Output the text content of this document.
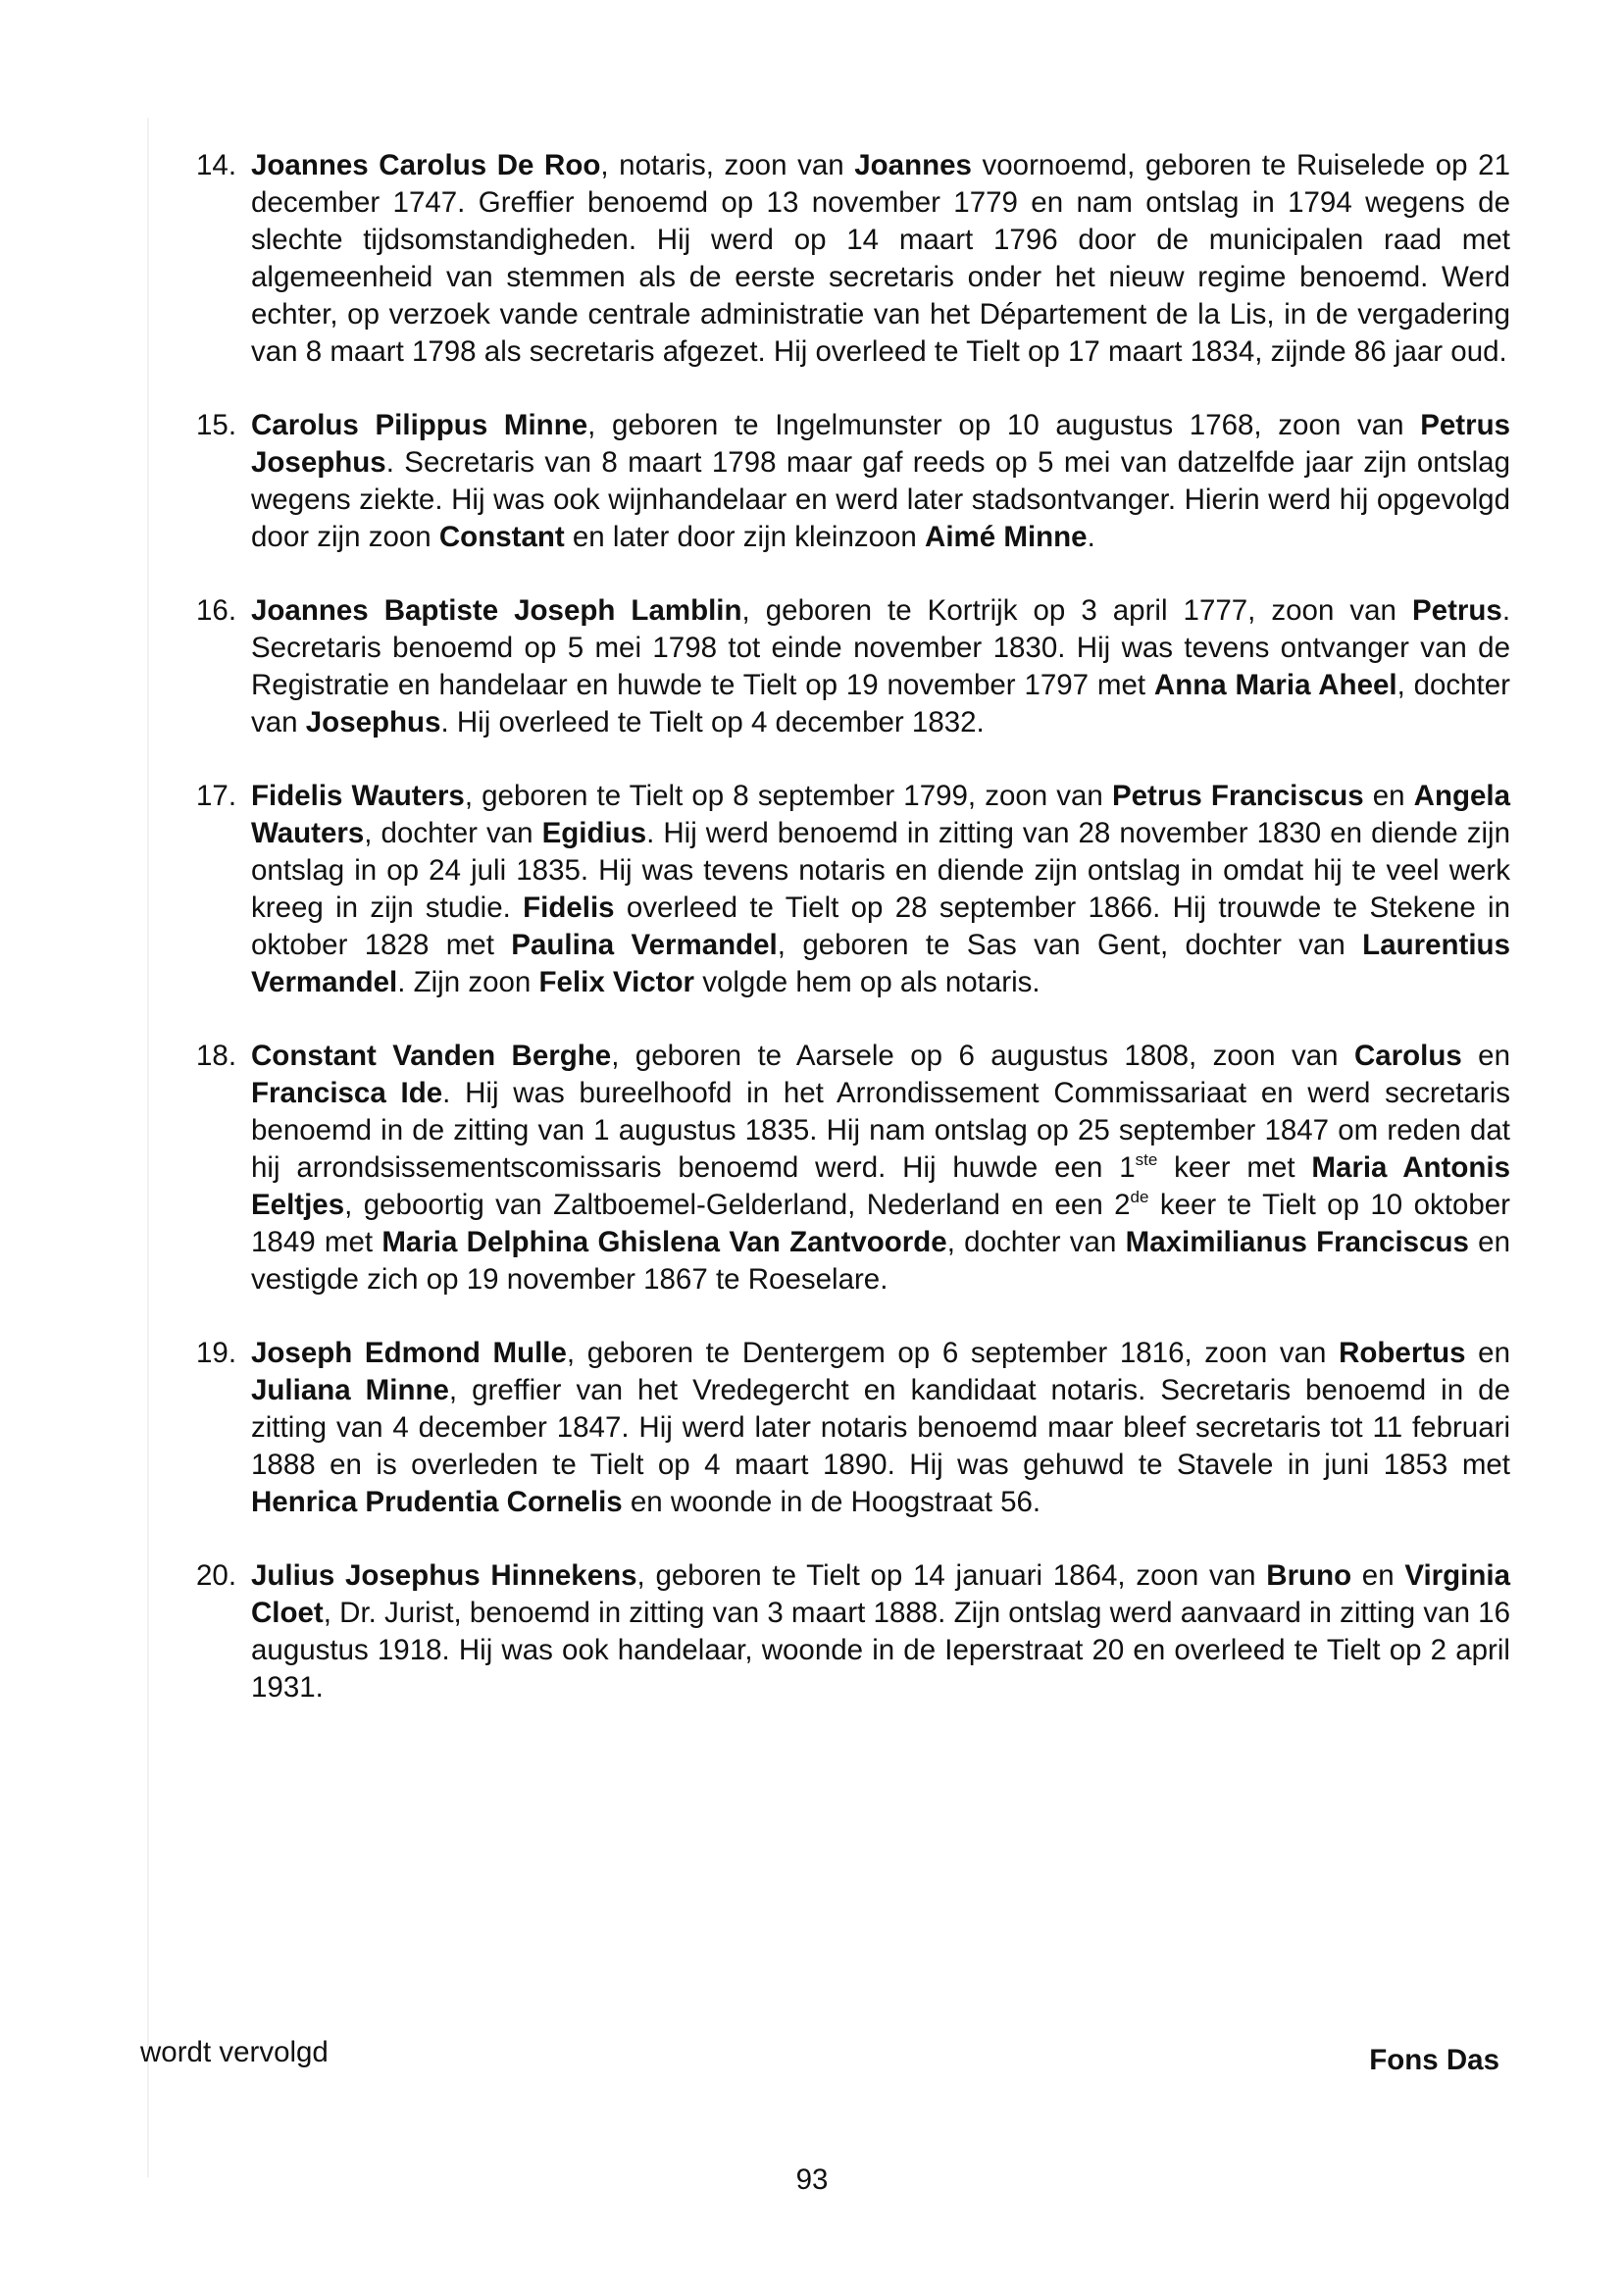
14. Joannes Carolus De Roo, notaris, zoon van Joannes voornoemd, geboren te Ruiselede op 21 december 1747. Greffier benoemd op 13 november 1779 en nam ontslag in 1794 wegens de slechte tijdsomstandigheden. Hij werd op 14 maart 1796 door de municipalen raad met algemeenheid van stemmen als de eerste secretaris onder het nieuw regime benoemd. Werd echter, op verzoek vande centrale administratie van het Département de la Lis, in de vergadering van 8 maart 1798 als secretaris afgezet. Hij overleed te Tielt op 17 maart 1834, zijnde 86 jaar oud.
15. Carolus Pilippus Minne, geboren te Ingelmunster op 10 augustus 1768, zoon van Petrus Josephus. Secretaris van 8 maart 1798 maar gaf reeds op 5 mei van datzelfde jaar zijn ontslag wegens ziekte. Hij was ook wijnhandelaar en werd later stadsontvanger. Hierin werd hij opgevolgd door zijn zoon Constant en later door zijn kleinzoon Aimé Minne.
16. Joannes Baptiste Joseph Lamblin, geboren te Kortrijk op 3 april 1777, zoon van Petrus. Secretaris benoemd op 5 mei 1798 tot einde november 1830. Hij was tevens ontvanger van de Registratie en handelaar en huwde te Tielt op 19 november 1797 met Anna Maria Aheel, dochter van Josephus. Hij overleed te Tielt op 4 december 1832.
17. Fidelis Wauters, geboren te Tielt op 8 september 1799, zoon van Petrus Franciscus en Angela Wauters, dochter van Egidius. Hij werd benoemd in zitting van 28 november 1830 en diende zijn ontslag in op 24 juli 1835. Hij was tevens notaris en diende zijn ontslag in omdat hij te veel werk kreeg in zijn studie. Fidelis overleed te Tielt op 28 september 1866. Hij trouwde te Stekene in oktober 1828 met Paulina Vermandel, geboren te Sas van Gent, dochter van Laurentius Vermandel. Zijn zoon Felix Victor volgde hem op als notaris.
18. Constant Vanden Berghe, geboren te Aarsele op 6 augustus 1808, zoon van Carolus en Francisca Ide. Hij was bureelhoofd in het Arrondissement Commissariaat en werd secretaris benoemd in de zitting van 1 augustus 1835. Hij nam ontslag op 25 september 1847 om reden dat hij arrondsissementscomissaris benoemd werd. Hij huwde een 1ste keer met Maria Antonis Eeltjes, geboortig van Zaltboemel-Gelderland, Nederland en een 2de keer te Tielt op 10 oktober 1849 met Maria Delphina Ghislena Van Zantvoorde, dochter van Maximilianus Franciscus en vestigde zich op 19 november 1867 te Roeselare.
19. Joseph Edmond Mulle, geboren te Dentergem op 6 september 1816, zoon van Robertus en Juliana Minne, greffier van het Vredegercht en kandidaat notaris. Secretaris benoemd in de zitting van 4 december 1847. Hij werd later notaris benoemd maar bleef secretaris tot 11 februari 1888 en is overleden te Tielt op 4 maart 1890. Hij was gehuwd te Stavele in juni 1853 met Henrica Prudentia Cornelis en woonde in de Hoogstraat 56.
20. Julius Josephus Hinnekens, geboren te Tielt op 14 januari 1864, zoon van Bruno en Virginia Cloet, Dr. Jurist, benoemd in zitting van 3 maart 1888. Zijn ontslag werd aanvaard in zitting van 16 augustus 1918. Hij was ook handelaar, woonde in de Ieperstraat 20 en overleed te Tielt op 2 april 1931.
wordt vervolgd	Fons Das
93
